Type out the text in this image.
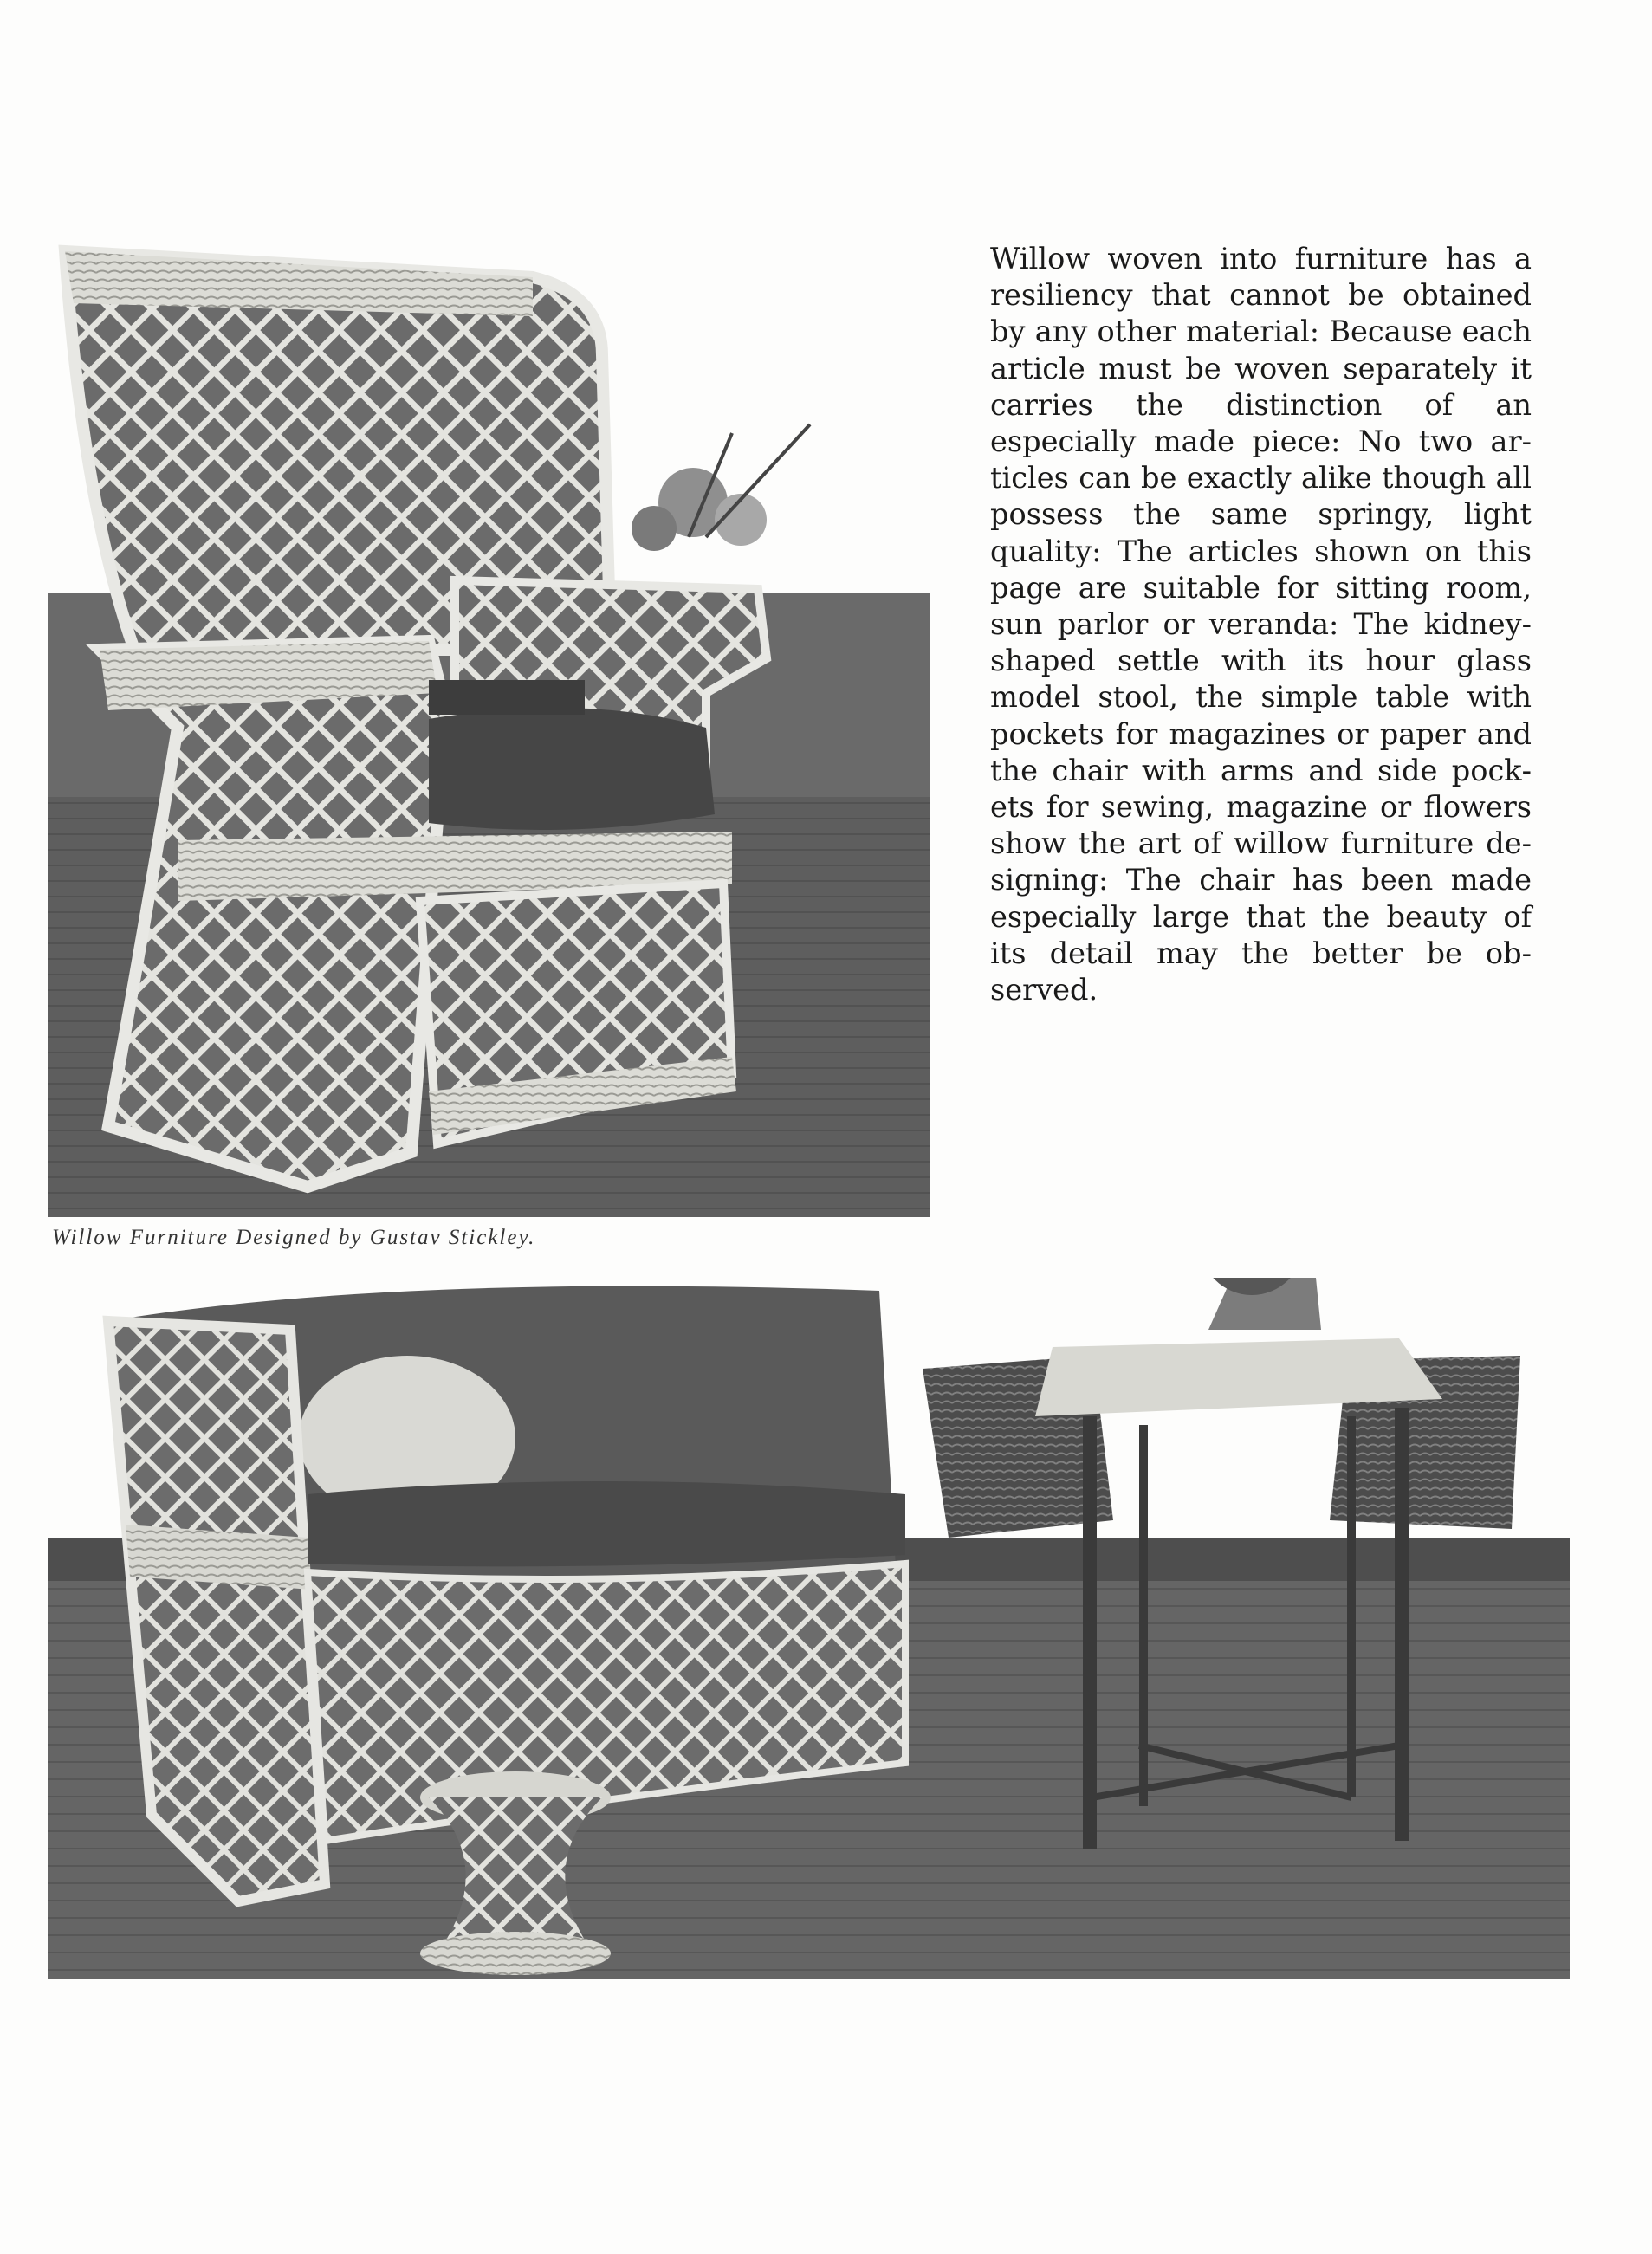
Willow Furniture Designed by Gustav Stickley.

Willow woven into furniture has a resiliency that cannot be obtained by any other material: Because each article must be woven separately it carries the distinction of an especially made piece: No two articles can be exactly alike though all possess the same springy, light quality: The articles shown on this page are suitable for sitting room, sun parlor or veranda: The kidney-shaped settle with its hour glass model stool, the simple table with pockets for magazines or paper and the chair with arms and side pockets for sewing, magazine or flowers show the art of willow furniture designing: The chair has been made especially large that the beauty of its detail may the better be observed.
